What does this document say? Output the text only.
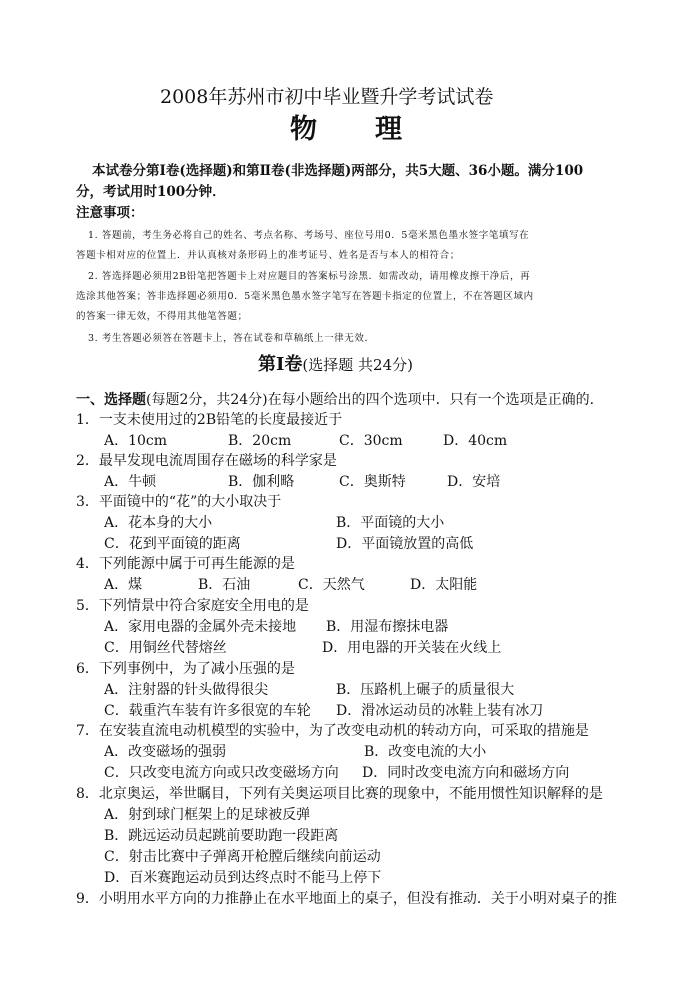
2008年苏州市初中毕业暨升学考试试卷
物理
本试卷分第Ⅰ卷(选择题)和第Ⅱ卷(非选择题)两部分，共5大题、36小题。满分100
分，考试用时100分钟．
注意事项：
1. 答题前，考生务必将自己的姓名、考点名称、考场号、座位号用0．5毫米黑色墨水签字笔填写在
答题卡相对应的位置上．并认真核对条形码上的准考证号、姓名是否与本人的相符合；
2. 答选择题必须用2B铅笔把答题卡上对应题目的答案标号涂黑．如需改动，请用橡皮擦干净后，再
选涂其他答案；答非选择题必须用0．5毫米黑色墨水签字笔写在答题卡指定的位置上，不在答题区域内
的答案一律无效，不得用其他笔答题；
3. 考生答题必须答在答题卡上，答在试卷和草稿纸上一律无效．
第Ⅰ卷(选择题 共24分)
一、选择题(每题2分，共24分)在每小题给出的四个选项中．只有一个选项是正确的．
1．一支未使用过的2B铅笔的长度最接近于
A．10cm	B．20cm	C．30cm	D．40cm
2．最早发现电流周围存在磁场的科学家是
A．牛顿	B．伽利略	C．奥斯特	D．安培
3．平面镜中的“花”的大小取决于
A．花本身的大小	B．平面镜的大小
C．花到平面镜的距离	D．平面镜放置的高低
4．下列能源中属于可再生能源的是
A．煤	B．石油	C．天然气	D．太阳能
5．下列情景中符合家庭安全用电的是
A．家用电器的金属外壳未接地 B．用湿布擦抹电器
C．用铜丝代替熔丝	D．用电器的开关装在火线上
6．下列事例中，为了减小压强的是
A．注射器的针头做得很尖	B．压路机上碾子的质量很大
C．载重汽车装有许多很宽的车轮 D．滑冰运动员的冰鞋上装有冰刀
7．在安装直流电动机模型的实验中，为了改变电动机的转动方向，可采取的措施是
A．改变磁场的强弱	B．改变电流的大小
C．只改变电流方向或只改变磁场方向 D．同时改变电流方向和磁场方向
8．北京奥运，举世瞩目，下列有关奥运项目比赛的现象中，不能用惯性知识解释的是
A．射到球门框架上的足球被反弹
B．跳远运动员起跳前要助跑一段距离
C．射击比赛中子弹离开枪膛后继续向前运动
D．百米赛跑运动员到达终点时不能马上停下
9．小明用水平方向的力推静止在水平地面上的桌子，但没有推动．关于小明对桌子的推
